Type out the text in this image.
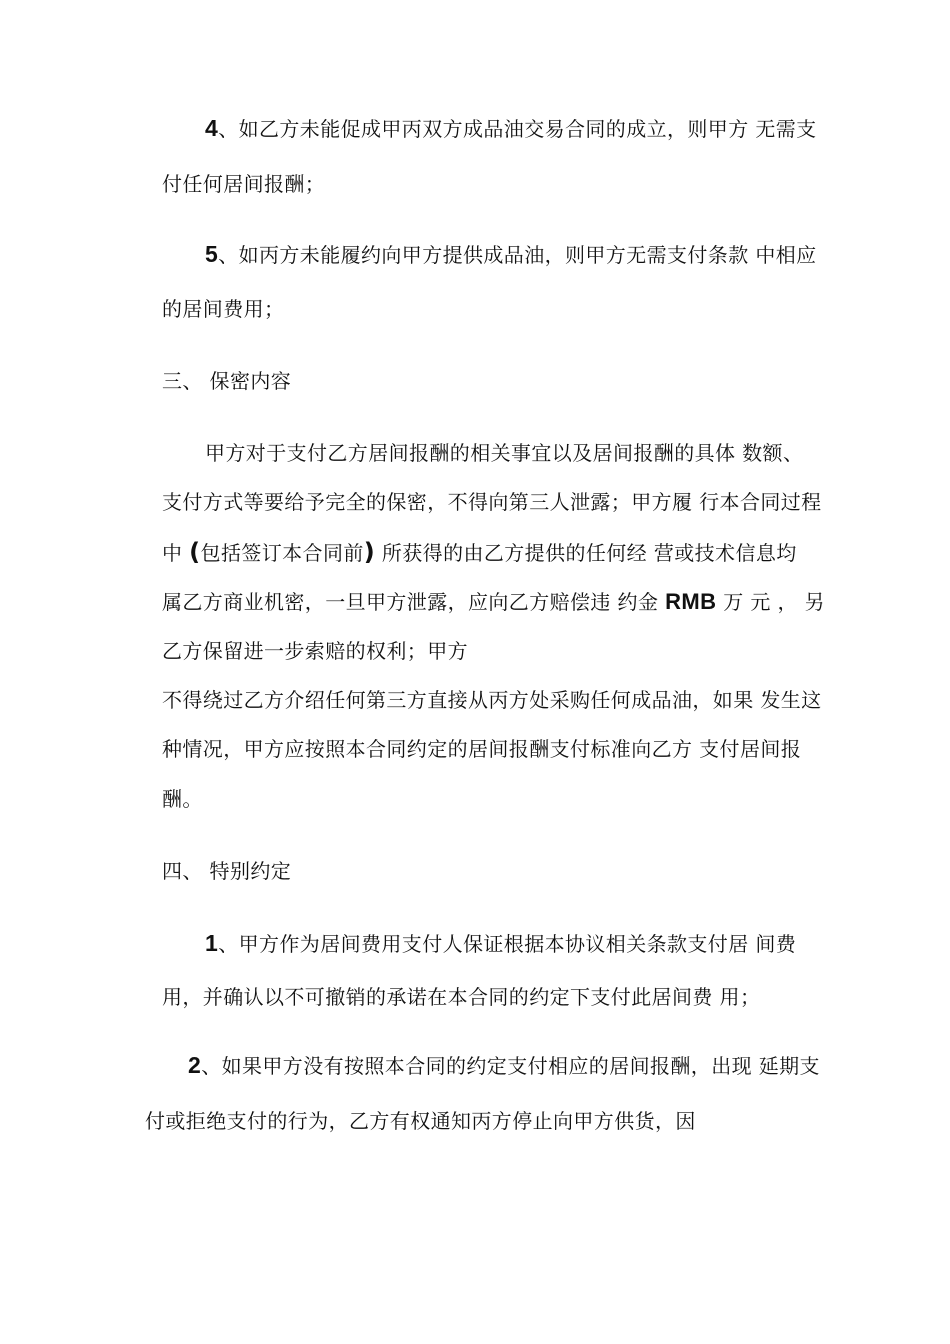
4、如乙方未能促成甲丙双方成品油交易合同的成立，则甲方 无需支
付任何居间报酬；
5、如丙方未能履约向甲方提供成品油，则甲方无需支付条款 中相应
的居间费用；
三、 保密内容
甲方对于支付乙方居间报酬的相关事宜以及居间报酬的具体 数额、
支付方式等要给予完全的保密，不得向第三人泄露；甲方履 行本合同过程
中 (包括签订本合同前) 所获得的由乙方提供的任何经 营或技术信息均
属乙方商业机密，一旦甲方泄露，应向乙方赔偿违 约金 RMB 万 元 ， 另
乙方保留进一步索赔的权利；甲方
不得绕过乙方介绍任何第三方直接从丙方处采购任何成品油，如果 发生这
种情况，甲方应按照本合同约定的居间报酬支付标准向乙方 支付居间报
酬。
四、 特别约定
1、甲方作为居间费用支付人保证根据本协议相关条款支付居 间费
用，并确认以不可撤销的承诺在本合同的约定下支付此居间费 用；
2、如果甲方没有按照本合同的约定支付相应的居间报酬，出现 延期支
付或拒绝支付的行为，乙方有权通知丙方停止向甲方供货，因
